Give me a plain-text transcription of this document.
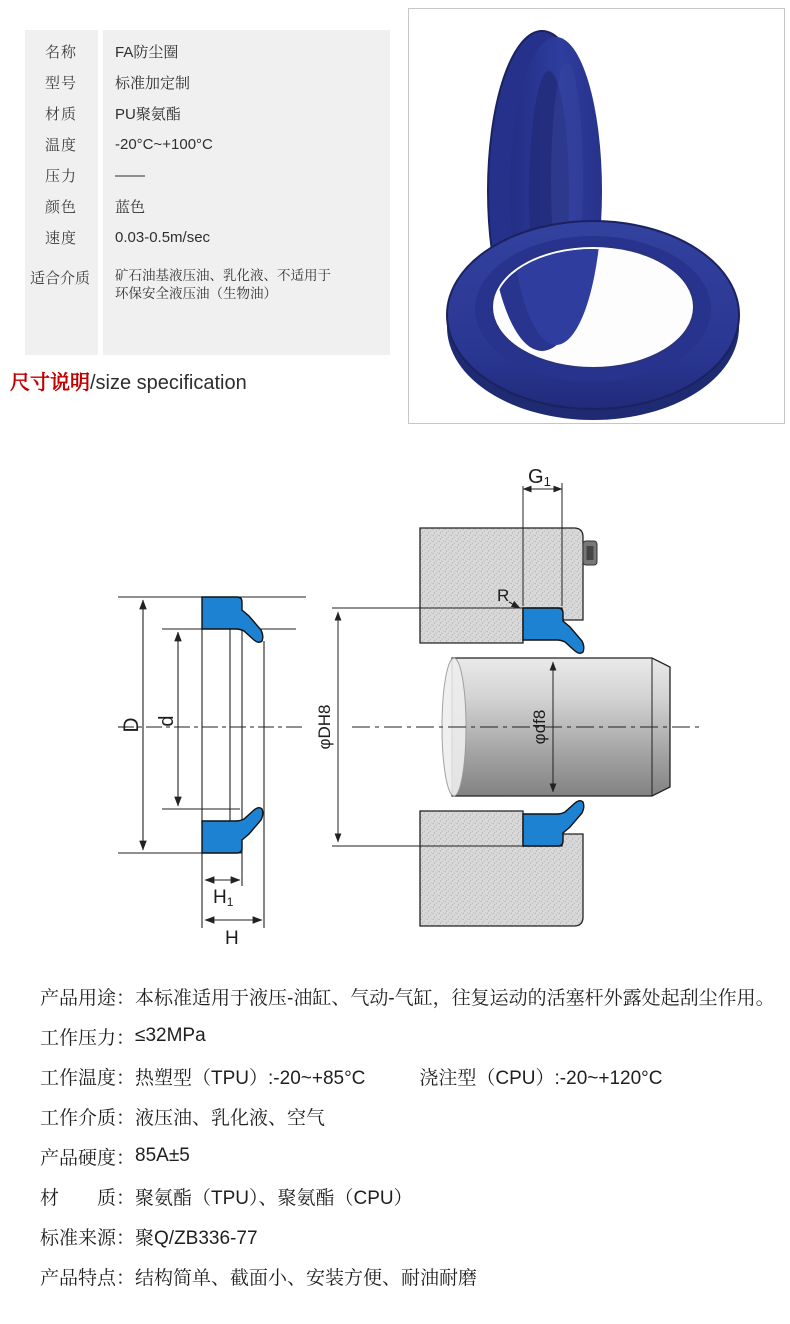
名称	FA防尘圈
型号	标准加定制
材质	PU聚氨酯
温度	-20°C~+100°C
压力	——
颜色	蓝色
速度	0.03-0.5m/sec
适合介质	矿石油基液压油、乳化液、不适用于
环保安全液压油（生物油）
尺寸说明/size specification
D d
H1
H
G1
R
φDH8	φdf8
产品用途： 本标准适用于液压-油缸、气动-气缸，往复运动的活塞杆外露处起刮尘作用。
工作压力： ≤32MPa
工作温度： 热塑型（TPU）:-20~+85°C	浇注型（CPU）:-20~+120°C
工作介质： 液压油、乳化液、空气
产品硬度： 85A±5
材　　质： 聚氨酯（TPU）、聚氨酯（CPU）
标准来源： 聚Q/ZB336-77
产品特点： 结构简单、截面小、安装方便、耐油耐磨
